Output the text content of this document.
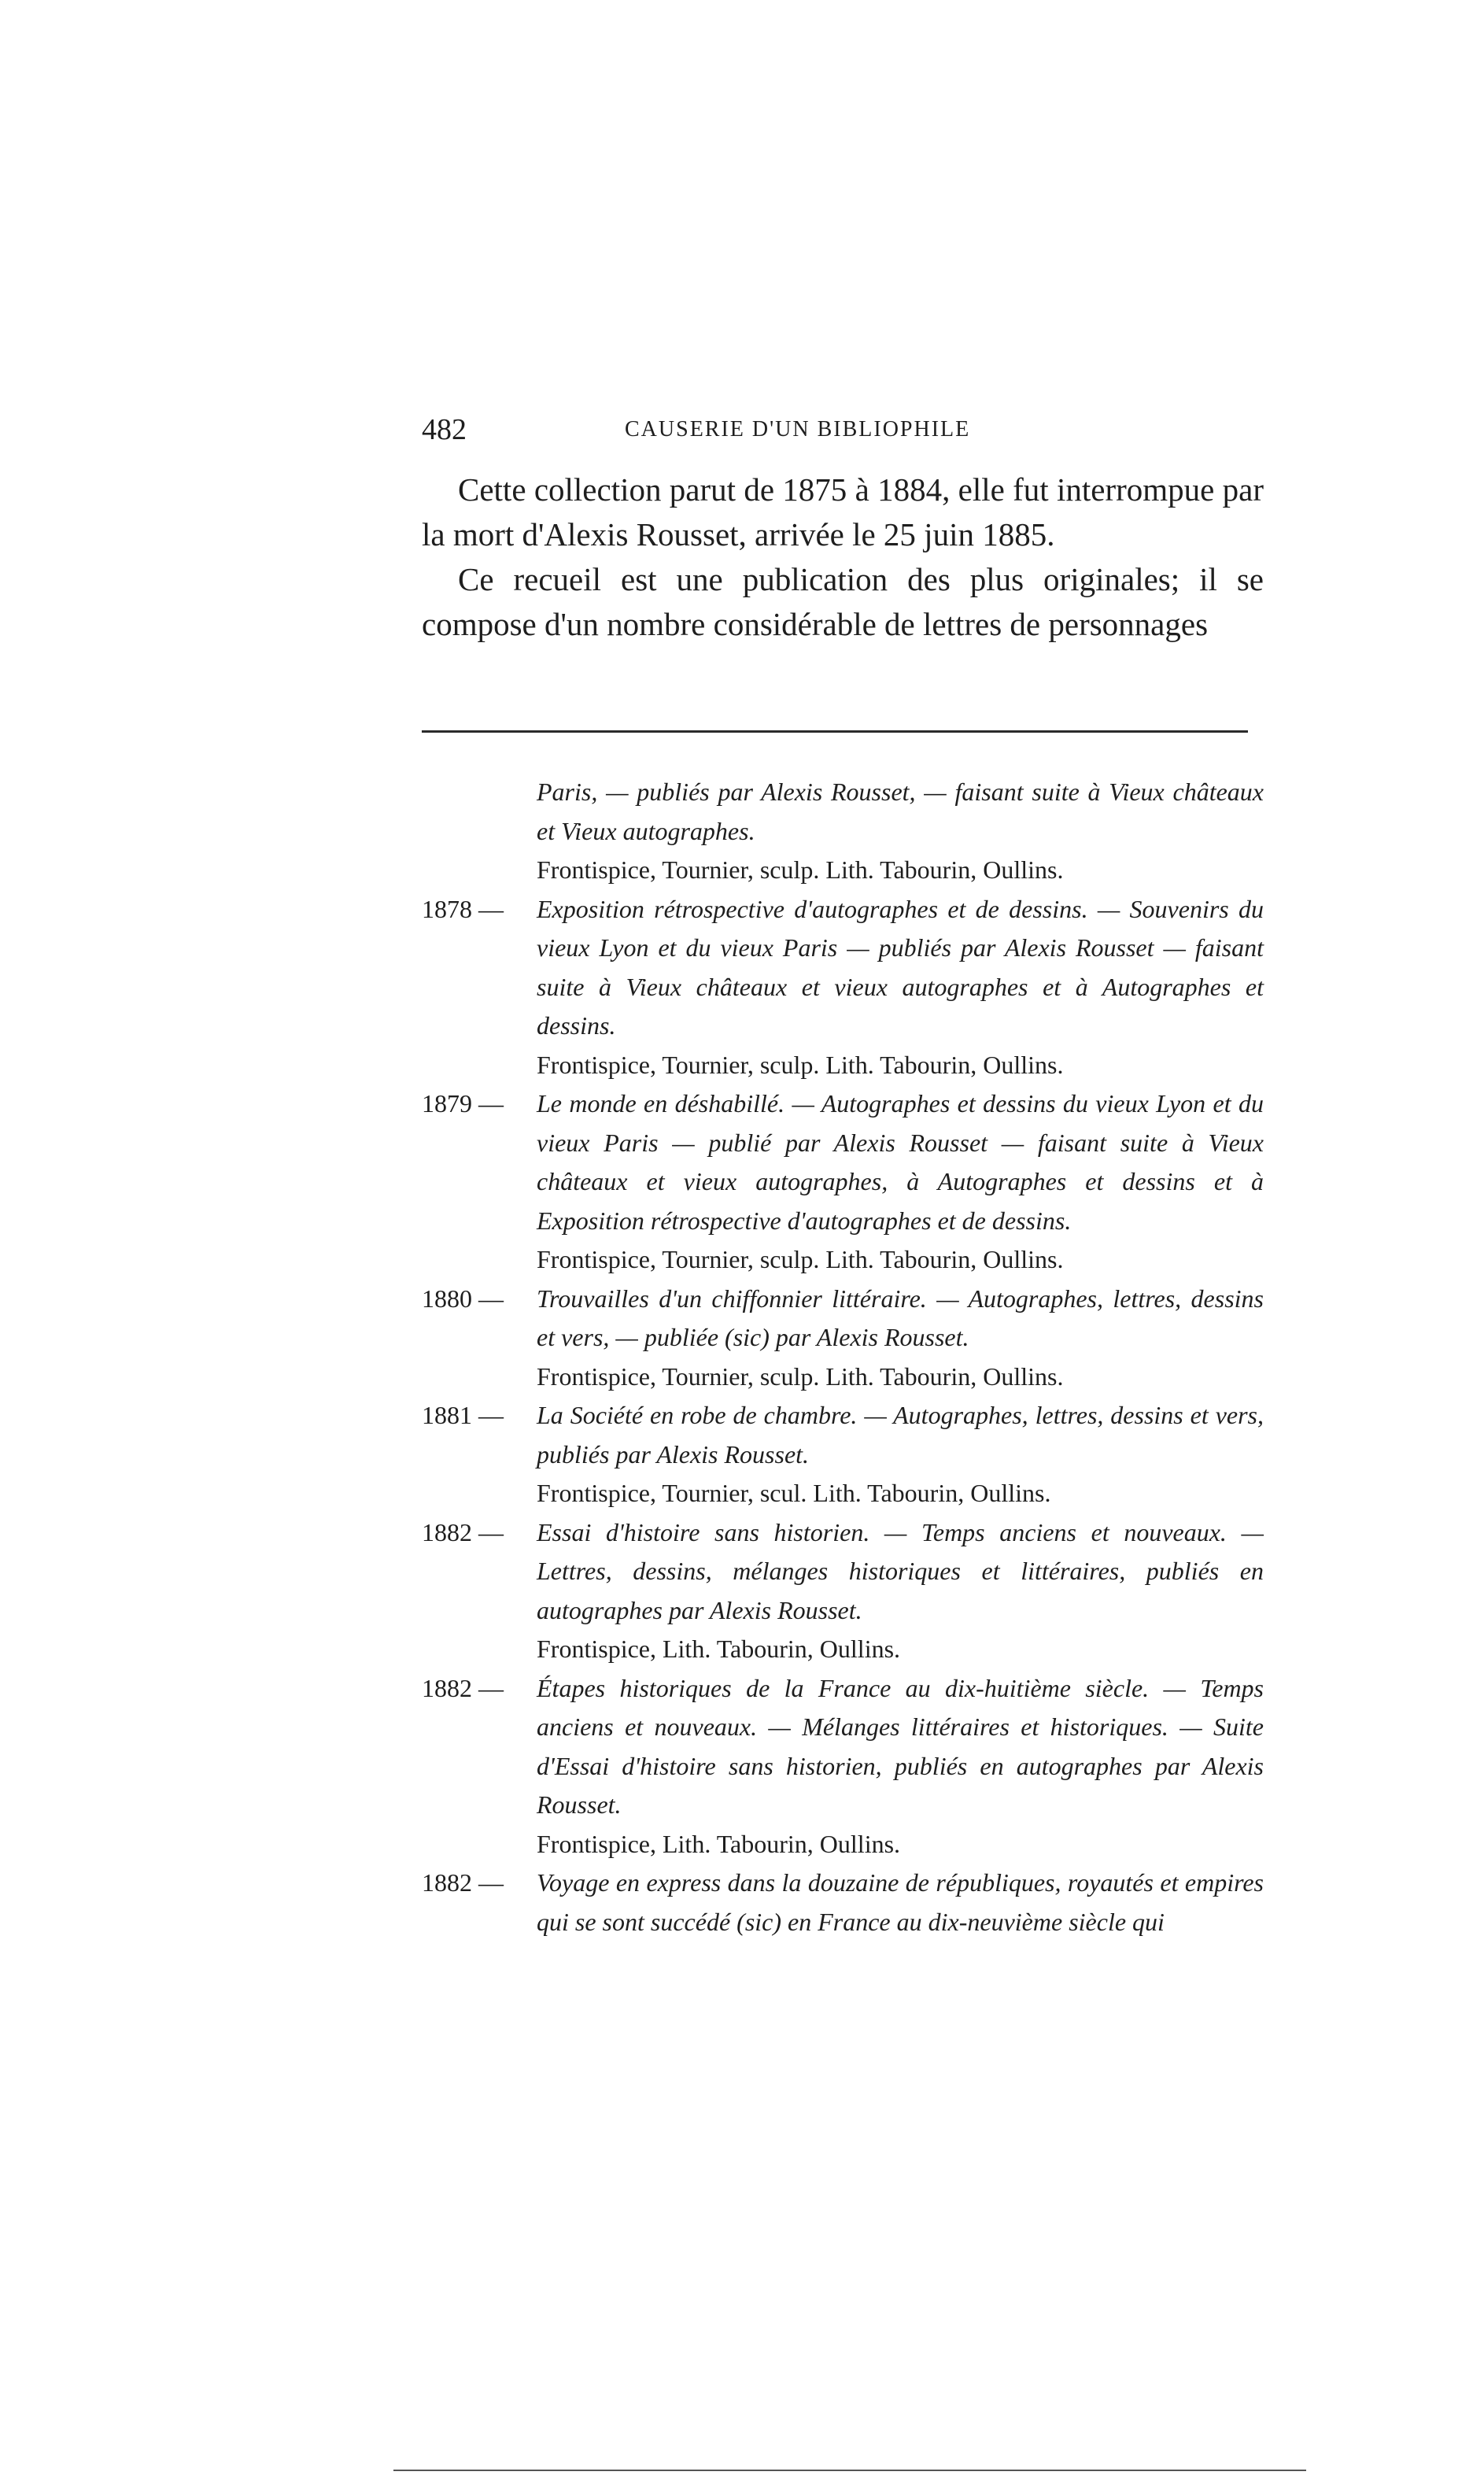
482	CAUSERIE D'UN BIBLIOPHILE

Cette collection parut de 1875 à 1884, elle fut interrompue par la mort d'Alexis Rousset, arrivée le 25 juin 1885.

Ce recueil est une publication des plus originales; il se compose d'un nombre considérable de lettres de personnages

Paris, — publiés par Alexis Rousset, — faisant suite à Vieux châteaux et Vieux autographes.
Frontispice, Tournier, sculp. Lith. Tabourin, Oullins.
1878 —	Exposition rétrospective d'autographes et de dessins. — Souvenirs du vieux Lyon et du vieux Paris — publiés par Alexis Rousset — faisant suite à Vieux châteaux et vieux autographes et à Autographes et dessins.
Frontispice, Tournier, sculp. Lith. Tabourin, Oullins.
1879 —	Le monde en déshabillé. — Autographes et dessins du vieux Lyon et du vieux Paris — publié par Alexis Rousset — faisant suite à Vieux châteaux et vieux autographes, à Autographes et dessins et à Exposition rétrospective d'autographes et de dessins.
Frontispice, Tournier, sculp. Lith. Tabourin, Oullins.
1880 —	Trouvailles d'un chiffonnier littéraire. — Autographes, lettres, dessins et vers, — publiée (sic) par Alexis Rousset.
Frontispice, Tournier, sculp. Lith. Tabourin, Oullins.
1881 —	La Société en robe de chambre. — Autographes, lettres, dessins et vers, publiés par Alexis Rousset.
Frontispice, Tournier, scul. Lith. Tabourin, Oullins.
1882 —	Essai d'histoire sans historien. — Temps anciens et nouveaux. — Lettres, dessins, mélanges historiques et littéraires, publiés en autographes par Alexis Rousset.
Frontispice, Lith. Tabourin, Oullins.
1882 —	Étapes historiques de la France au dix-huitième siècle. — Temps anciens et nouveaux. — Mélanges littéraires et historiques. — Suite d'Essai d'histoire sans historien, publiés en autographes par Alexis Rousset.
Frontispice, Lith. Tabourin, Oullins.
1882 —	Voyage en express dans la douzaine de républiques, royautés et empires qui se sont succédé (sic) en France au dix-neuvième siècle qui
